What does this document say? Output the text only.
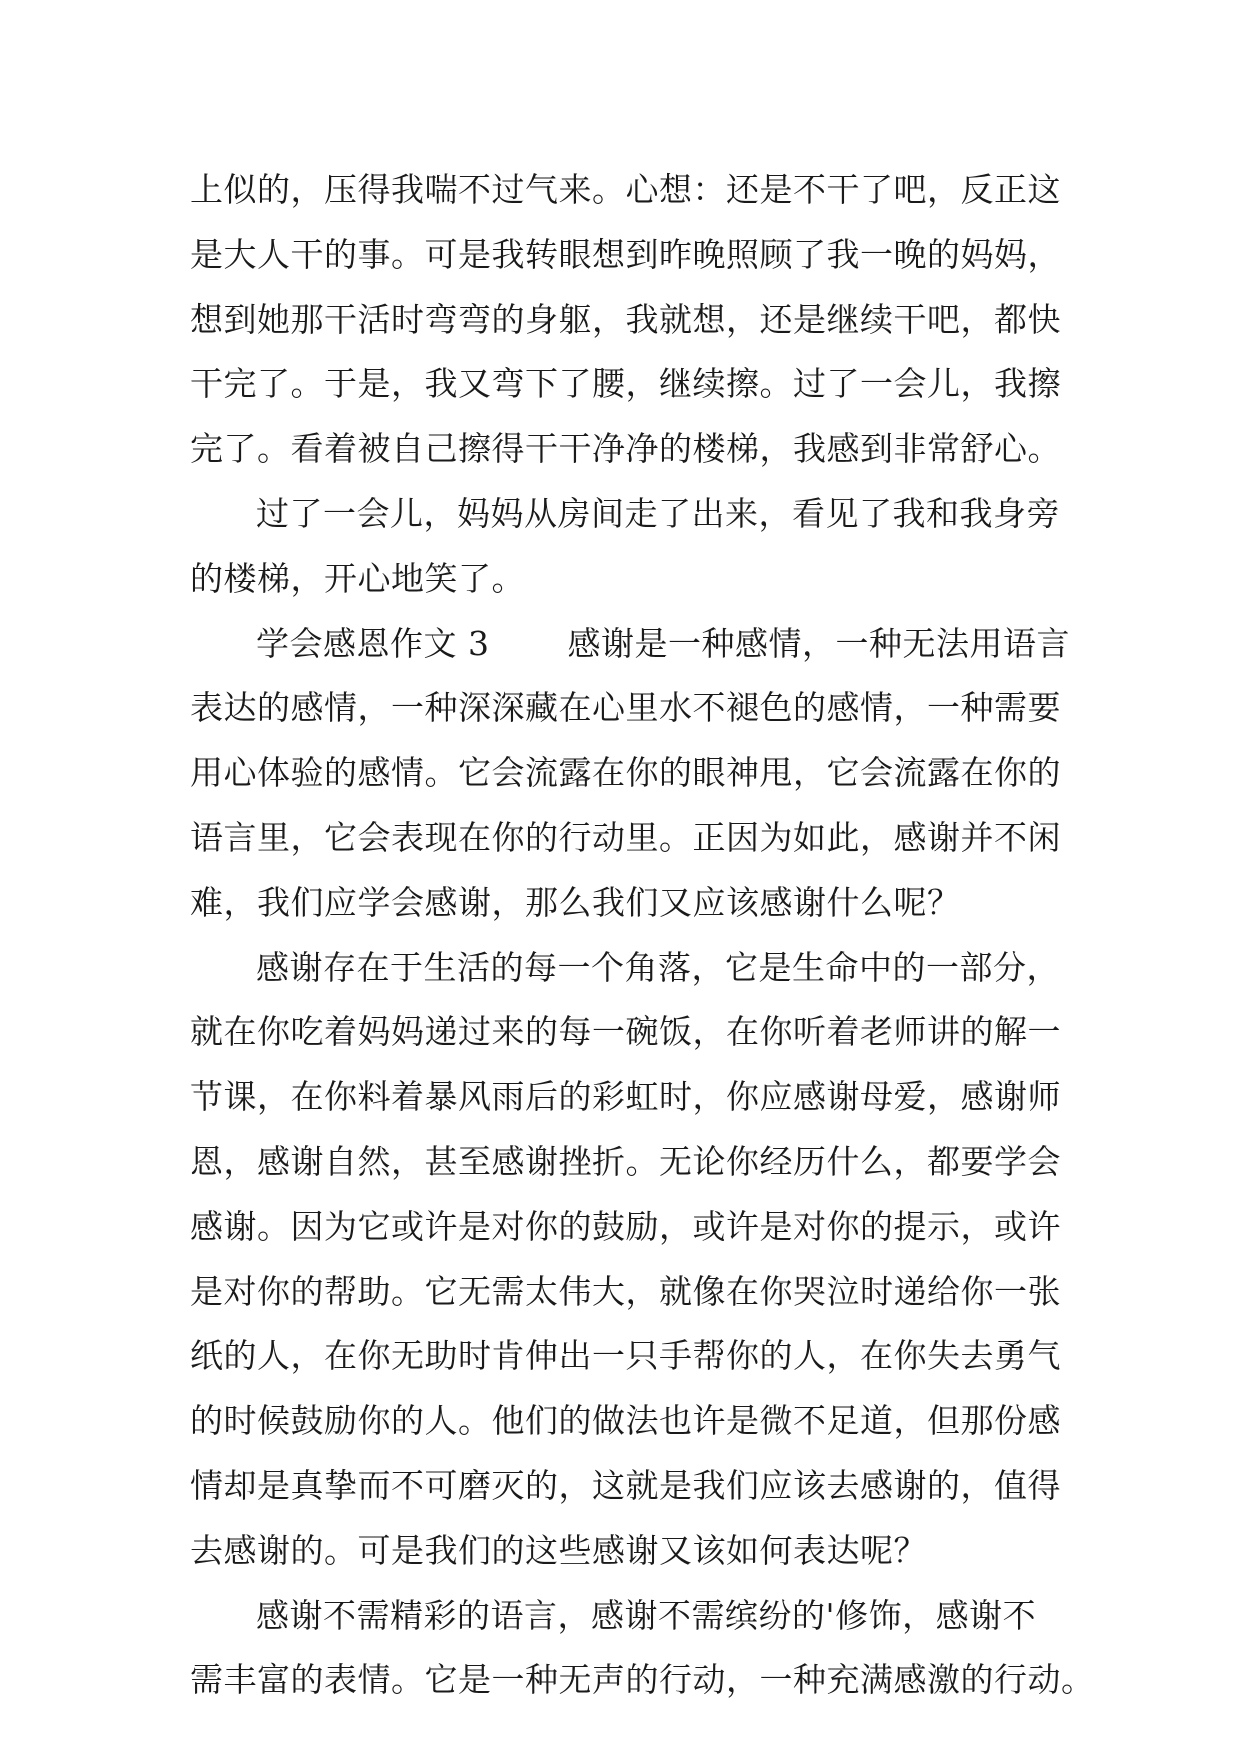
上似的，压得我喘不过气来。心想：还是不干了吧，反正这
是大人干的事。可是我转眼想到昨晚照顾了我一晚的妈妈，
想到她那干活时弯弯的身躯，我就想，还是继续干吧，都快
干完了。于是，我又弯下了腰，继续擦。过了一会儿，我擦
完了。看着被自己擦得干干净净的楼梯，我感到非常舒心。
过了一会儿，妈妈从房间走了出来，看见了我和我身旁
的楼梯，开心地笑了。
学会感恩作文 3　　 感谢是一种感情，一种无法用语言
表达的感情，一种深深藏在心里水不褪色的感情，一种需要
用心体验的感情。它会流露在你的眼神甩，它会流露在你的
语言里，它会表现在你的行动里。正因为如此，感谢并不闲
难，我们应学会感谢，那么我们又应该感谢什么呢？
感谢存在于生活的每一个角落，它是生命中的一部分，
就在你吃着妈妈递过来的每一碗饭，在你听着老师讲的解一
节课，在你料着暴风雨后的彩虹时，你应感谢母爱，感谢师
恩，感谢自然，甚至感谢挫折。无论你经历什么，都要学会
感谢。因为它或许是对你的鼓励，或许是对你的提示，或许
是对你的帮助。它无需太伟大，就像在你哭泣时递给你一张
纸的人，在你无助时肯伸出一只手帮你的人，在你失去勇气
的时候鼓励你的人。他们的做法也许是微不足道，但那份感
情却是真挚而不可磨灭的，这就是我们应该去感谢的，值得
去感谢的。可是我们的这些感谢又该如何表达呢？
感谢不需精彩的语言，感谢不需缤纷的'修饰，感谢不
需丰富的表情。它是一种无声的行动，一种充满感激的行动。
